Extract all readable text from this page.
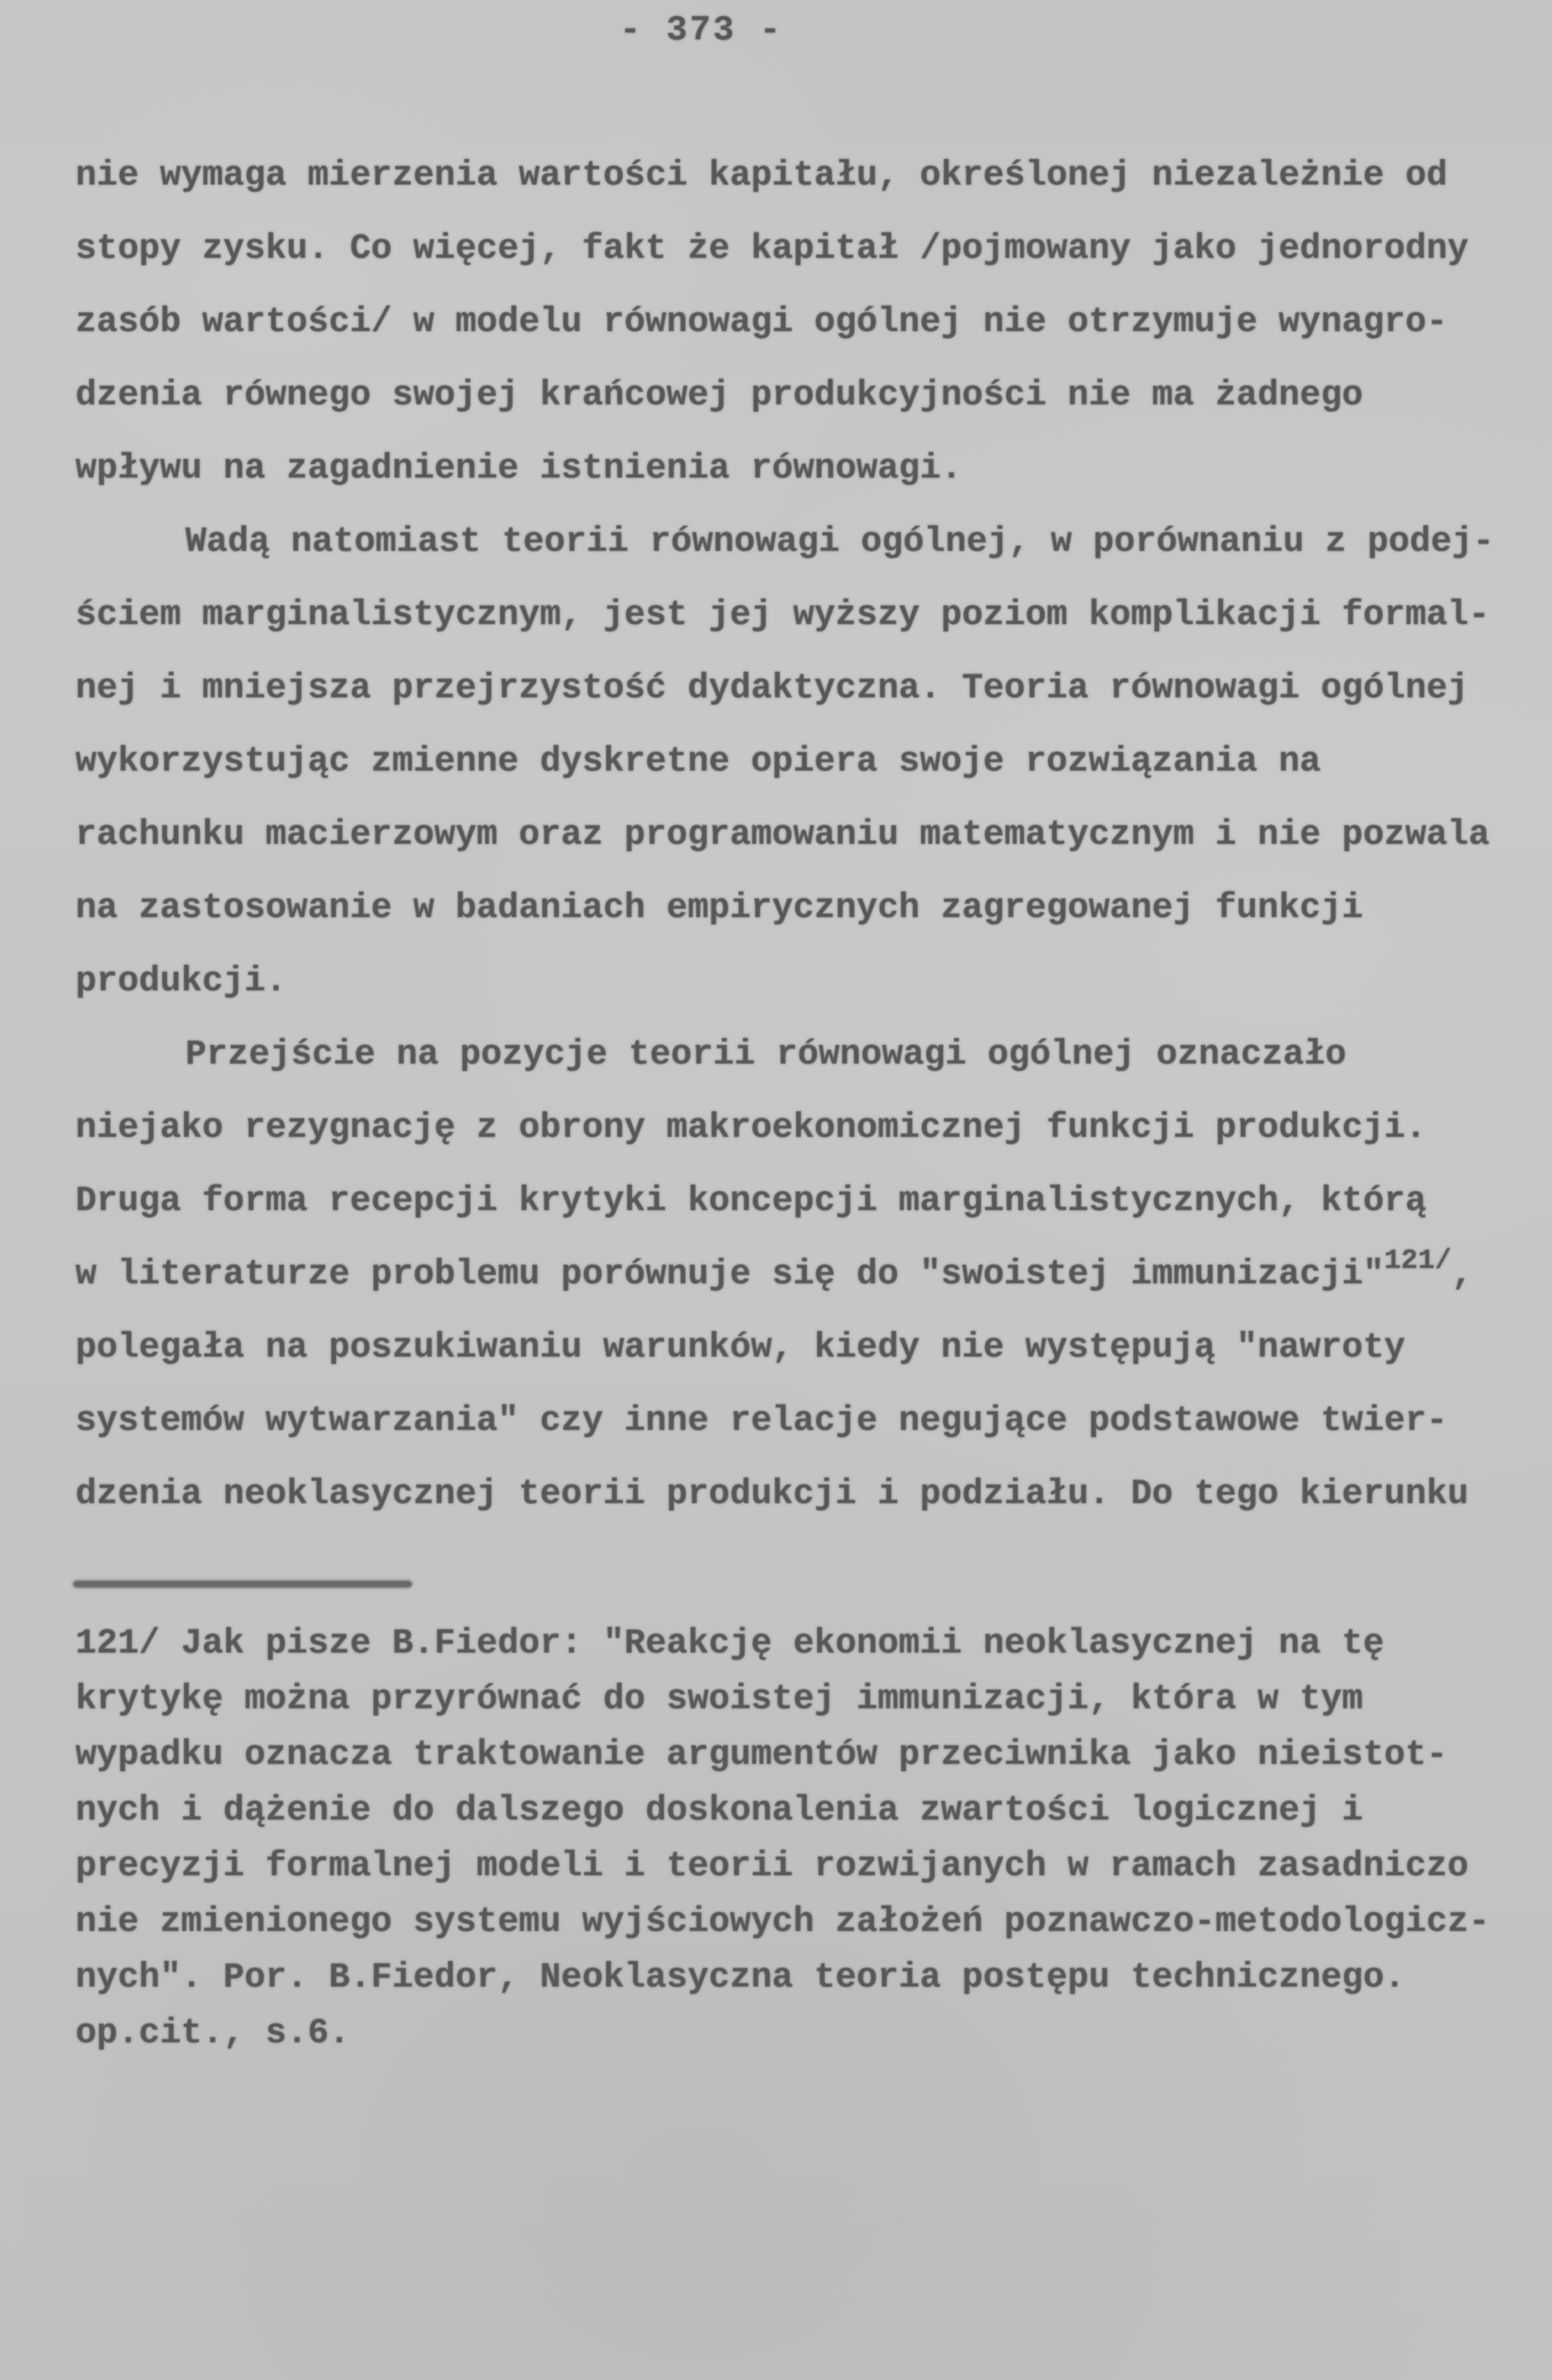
- 373 -
nie wymaga mierzenia wartości kapitału, określonej niezależnie od
stopy zysku. Co więcej, fakt że kapitał /pojmowany jako jednorodny
zasób wartości/ w modelu równowagi ogólnej nie otrzymuje wynagro-
dzenia równego swojej krańcowej produkcyjności nie ma żadnego
wpływu na zagadnienie istnienia równowagi.
Wadą natomiast teorii równowagi ogólnej, w porównaniu z podej-
ściem marginalistycznym, jest jej wyższy poziom komplikacji formal-
nej i mniejsza przejrzystość dydaktyczna. Teoria równowagi ogólnej
wykorzystując zmienne dyskretne opiera swoje rozwiązania na
rachunku macierzowym oraz programowaniu matematycznym i nie pozwala
na zastosowanie w badaniach empirycznych zagregowanej funkcji
produkcji.
Przejście na pozycje teorii równowagi ogólnej oznaczało
niejako rezygnację z obrony makroekonomicznej funkcji produkcji.
Druga forma recepcji krytyki koncepcji marginalistycznych, którą
w literaturze problemu porównuje się do "swoistej immunizacji"$^{121/}$,
polegała na poszukiwaniu warunków, kiedy nie występują "nawroty
systemów wytwarzania" czy inne relacje negujące podstawowe twier-
dzenia neoklasycznej teorii produkcji i podziału. Do tego kierunku
121/ Jak pisze B.Fiedor: "Reakcję ekonomii neoklasycznej na tę
krytykę można przyrównać do swoistej immunizacji, która w tym
wypadku oznacza traktowanie argumentów przeciwnika jako nieistot-
nych i dążenie do dalszego doskonalenia zwartości logicznej i
precyzji formalnej modeli i teorii rozwijanych w ramach zasadniczo
nie zmienionego systemu wyjściowych założeń poznawczo-metodologicz-
nych". Por. B.Fiedor, Neoklasyczna teoria postępu technicznego.
op.cit., s.6.
